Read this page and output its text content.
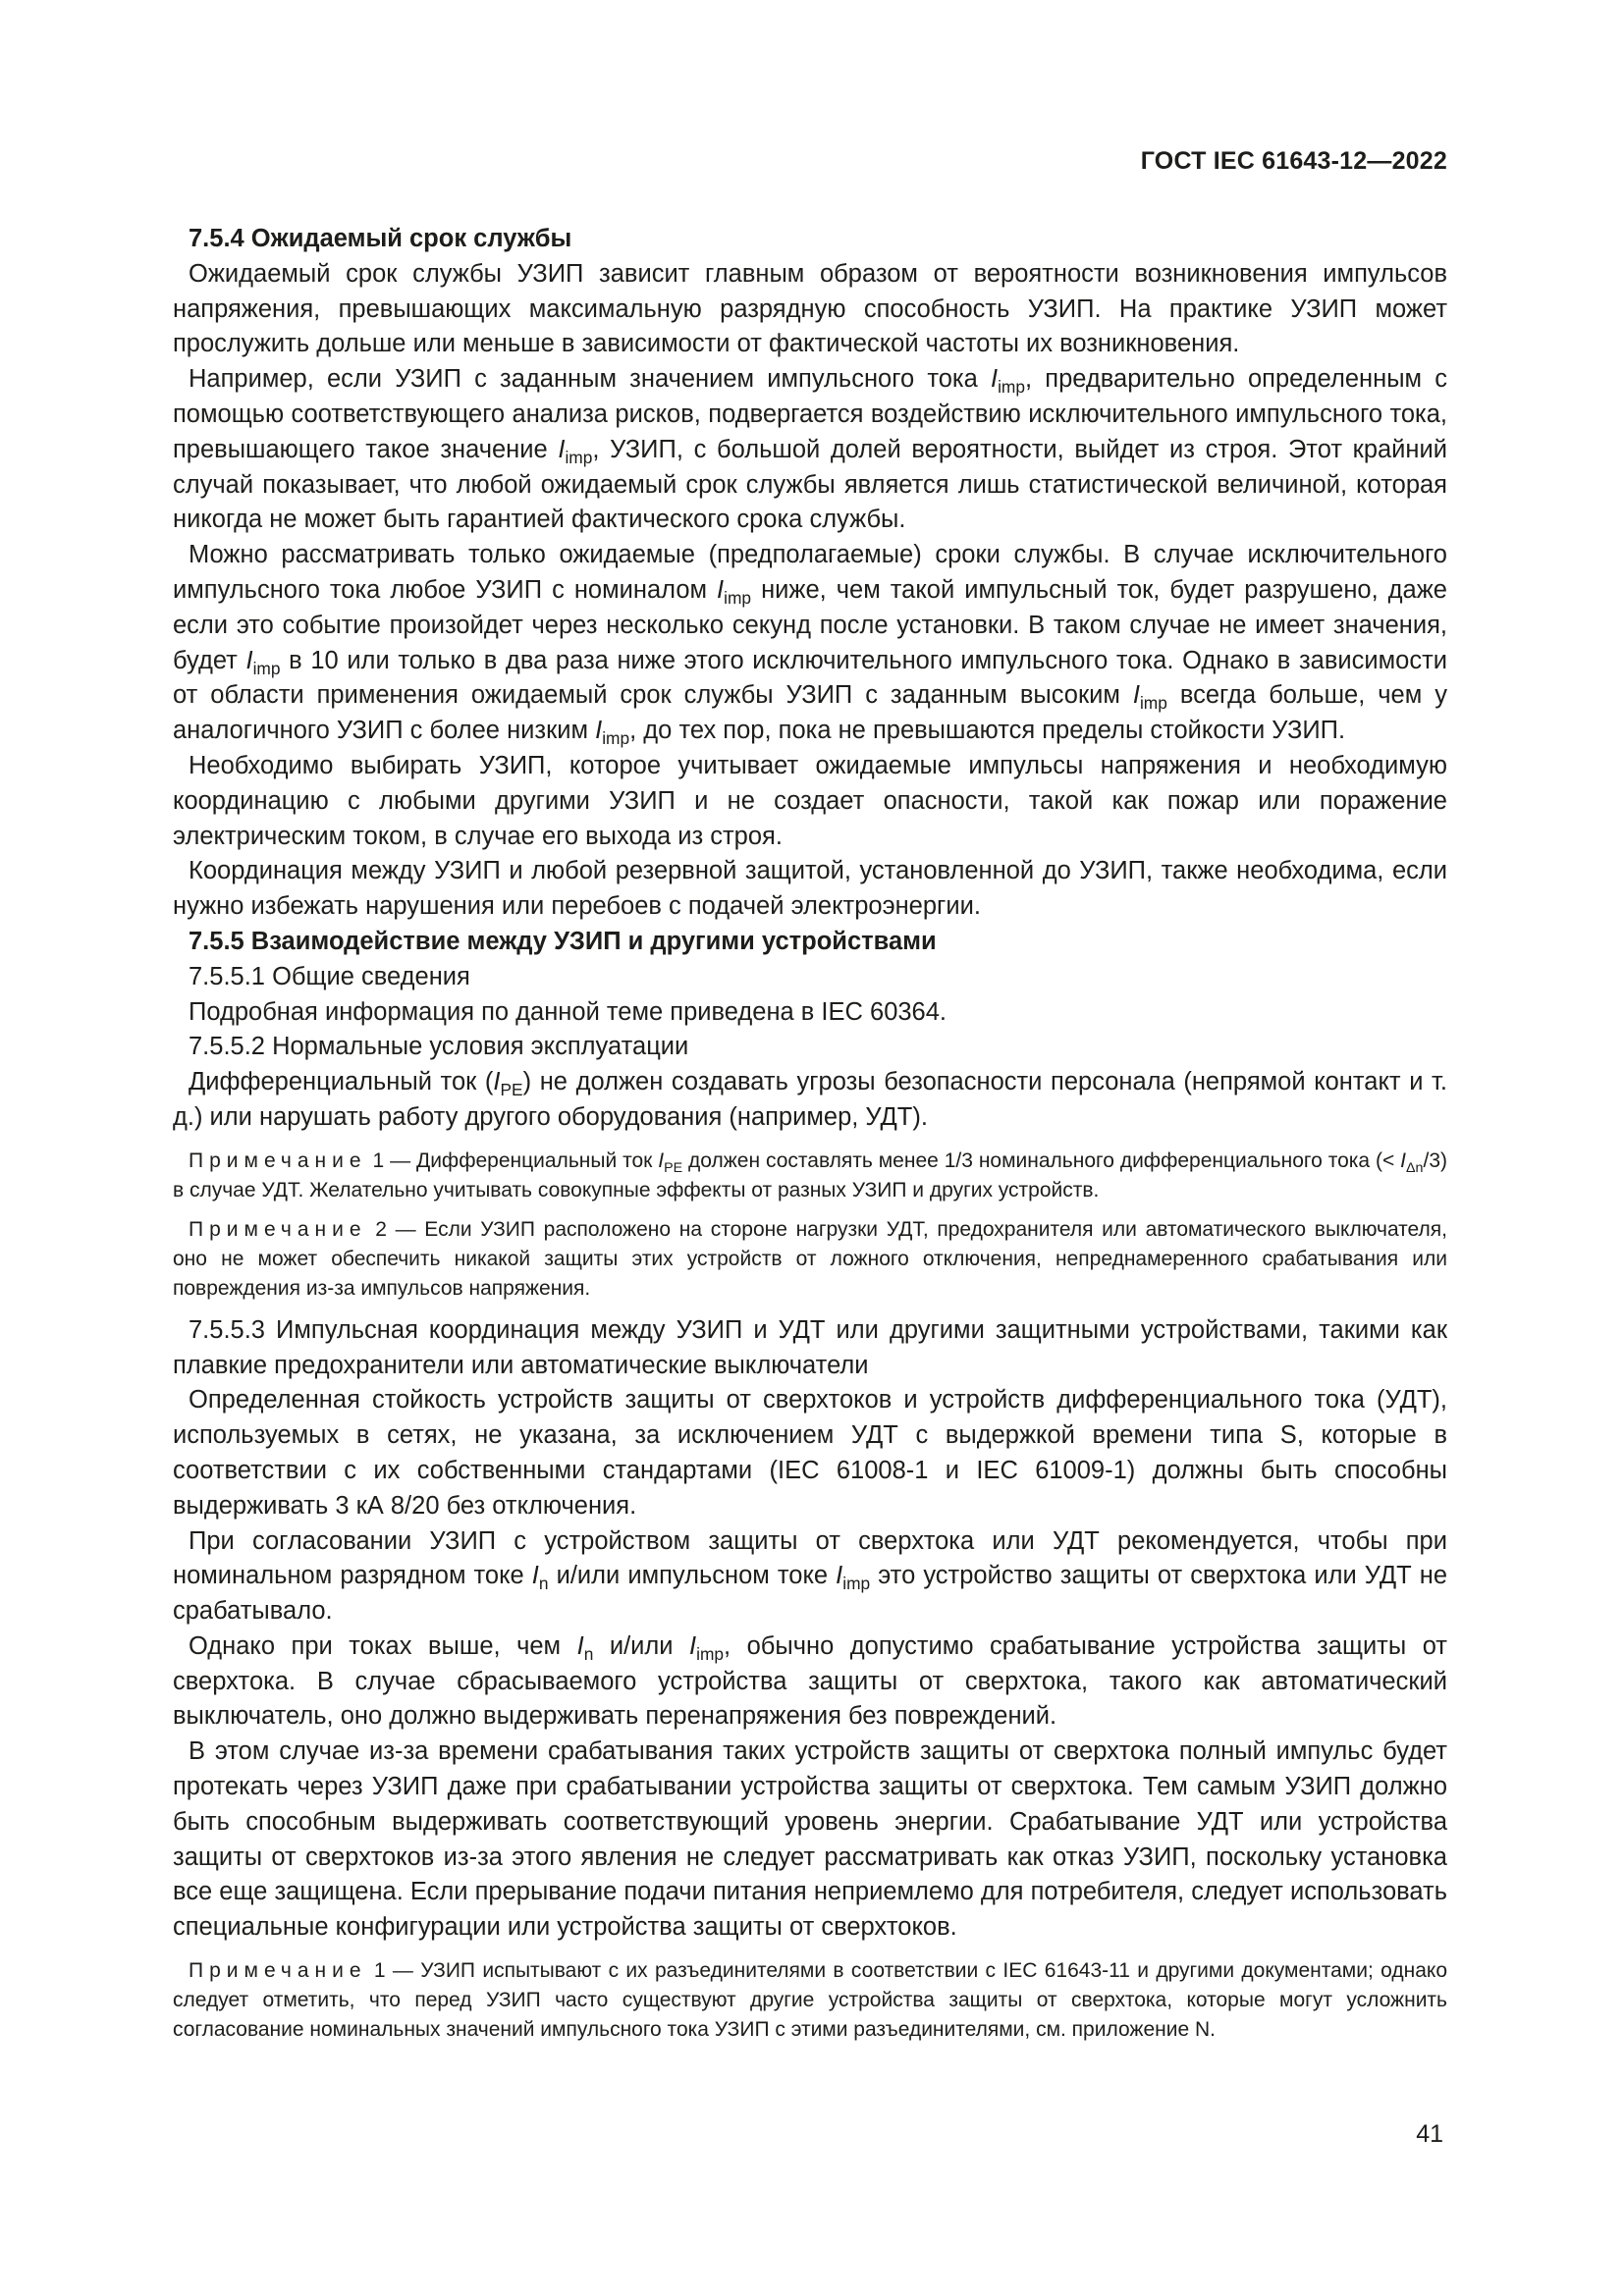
ГОСТ IEC 61643-12—2022

7.5.4 Ожидаемый срок службы

Ожидаемый срок службы УЗИП зависит главным образом от вероятности возникновения импульсов напряжения, превышающих максимальную разрядную способность УЗИП. На практике УЗИП может прослужить дольше или меньше в зависимости от фактической частоты их возникновения.

Например, если УЗИП с заданным значением импульсного тока $I_{imp}$, предварительно определенным с помощью соответствующего анализа рисков, подвергается воздействию исключительного импульсного тока, превышающего такое значение $I_{imp}$, УЗИП, с большой долей вероятности, выйдет из строя. Этот крайний случай показывает, что любой ожидаемый срок службы является лишь статистической величиной, которая никогда не может быть гарантией фактического срока службы.

Можно рассматривать только ожидаемые (предполагаемые) сроки службы. В случае исключительного импульсного тока любое УЗИП с номиналом $I_{imp}$ ниже, чем такой импульсный ток, будет разрушено, даже если это событие произойдет через несколько секунд после установки. В таком случае не имеет значения, будет $I_{imp}$ в 10 или только в два раза ниже этого исключительного импульсного тока. Однако в зависимости от области применения ожидаемый срок службы УЗИП с заданным высоким $I_{imp}$ всегда больше, чем у аналогичного УЗИП с более низким $I_{imp}$, до тех пор, пока не превышаются пределы стойкости УЗИП.

Необходимо выбирать УЗИП, которое учитывает ожидаемые импульсы напряжения и необходимую координацию с любыми другими УЗИП и не создает опасности, такой как пожар или поражение электрическим током, в случае его выхода из строя.

Координация между УЗИП и любой резервной защитой, установленной до УЗИП, также необходима, если нужно избежать нарушения или перебоев с подачей электроэнергии.

7.5.5 Взаимодействие между УЗИП и другими устройствами

7.5.5.1 Общие сведения

Подробная информация по данной теме приведена в IEC 60364.

7.5.5.2 Нормальные условия эксплуатации

Дифференциальный ток $(I_{PE})$ не должен создавать угрозы безопасности персонала (непрямой контакт и т. д.) или нарушать работу другого оборудования (например, УДТ).

Примечание 1 — Дифференциальный ток $I_{PE}$ должен составлять менее 1/3 номинального дифференциального тока (< $I_{\Delta n}/3$) в случае УДТ. Желательно учитывать совокупные эффекты от разных УЗИП и других устройств.

Примечание 2 — Если УЗИП расположено на стороне нагрузки УДТ, предохранителя или автоматического выключателя, оно не может обеспечить никакой защиты этих устройств от ложного отключения, непреднамеренного срабатывания или повреждения из-за импульсов напряжения.

7.5.5.3 Импульсная координация между УЗИП и УДТ или другими защитными устройствами, такими как плавкие предохранители или автоматические выключатели

Определенная стойкость устройств защиты от сверхтоков и устройств дифференциального тока (УДТ), используемых в сетях, не указана, за исключением УДТ с выдержкой времени типа S, которые в соответствии с их собственными стандартами (IEC 61008-1 и IEC 61009-1) должны быть способны выдерживать 3 кА 8/20 без отключения.

При согласовании УЗИП с устройством защиты от сверхтока или УДТ рекомендуется, чтобы при номинальном разрядном токе $I_n$ и/или импульсном токе $I_{imp}$ это устройство защиты от сверхтока или УДТ не срабатывало.

Однако при токах выше, чем $I_n$ и/или $I_{imp}$, обычно допустимо срабатывание устройства защиты от сверхтока. В случае сбрасываемого устройства защиты от сверхтока, такого как автоматический выключатель, оно должно выдерживать перенапряжения без повреждений.

В этом случае из-за времени срабатывания таких устройств защиты от сверхтока полный импульс будет протекать через УЗИП даже при срабатывании устройства защиты от сверхтока. Тем самым УЗИП должно быть способным выдерживать соответствующий уровень энергии. Срабатывание УДТ или устройства защиты от сверхтоков из-за этого явления не следует рассматривать как отказ УЗИП, поскольку установка все еще защищена. Если прерывание подачи питания неприемлемо для потребителя, следует использовать специальные конфигурации или устройства защиты от сверхтоков.

Примечание 1 — УЗИП испытывают с их разъединителями в соответствии с IEC 61643-11 и другими документами; однако следует отметить, что перед УЗИП часто существуют другие устройства защиты от сверхтока, которые могут усложнить согласование номинальных значений импульсного тока УЗИП с этими разъединителями, см. приложение N.

41
